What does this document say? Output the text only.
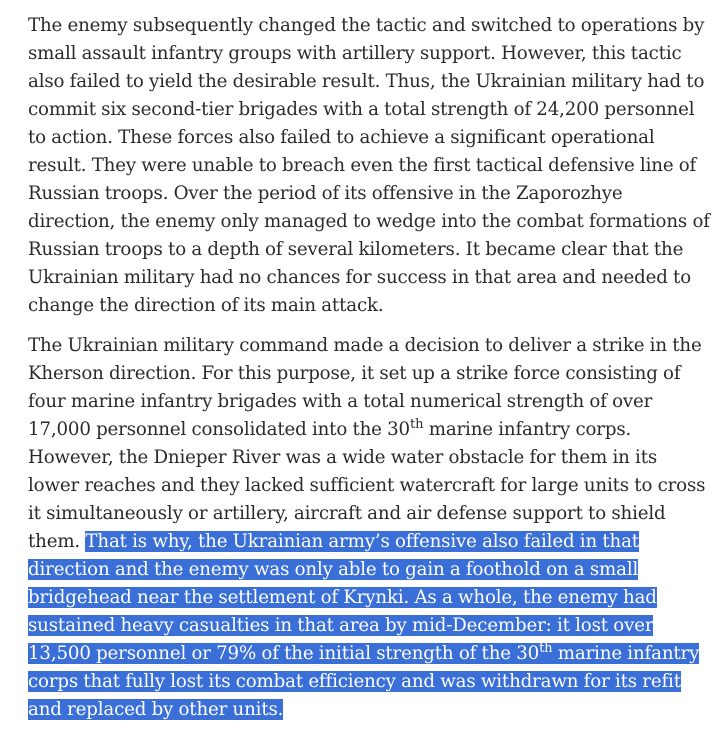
The enemy subsequently changed the tactic and switched to operations by small assault infantry groups with artillery support. However, this tactic also failed to yield the desirable result. Thus, the Ukrainian military had to commit six second-tier brigades with a total strength of 24,200 personnel to action. These forces also failed to achieve a significant operational result. They were unable to breach even the first tactical defensive line of Russian troops. Over the period of its offensive in the Zaporozhye direction, the enemy only managed to wedge into the combat formations of Russian troops to a depth of several kilometers. It became clear that the Ukrainian military had no chances for success in that area and needed to change the direction of its main attack.

The Ukrainian military command made a decision to deliver a strike in the Kherson direction. For this purpose, it set up a strike force consisting of four marine infantry brigades with a total numerical strength of over 17,000 personnel consolidated into the 30th marine infantry corps. However, the Dnieper River was a wide water obstacle for them in its lower reaches and they lacked sufficient watercraft for large units to cross it simultaneously or artillery, aircraft and air defense support to shield them. That is why, the Ukrainian army’s offensive also failed in that direction and the enemy was only able to gain a foothold on a small bridgehead near the settlement of Krynki. As a whole, the enemy had sustained heavy casualties in that area by mid-December: it lost over 13,500 personnel or 79% of the initial strength of the 30th marine infantry corps that fully lost its combat efficiency and was withdrawn for its refit and replaced by other units.
